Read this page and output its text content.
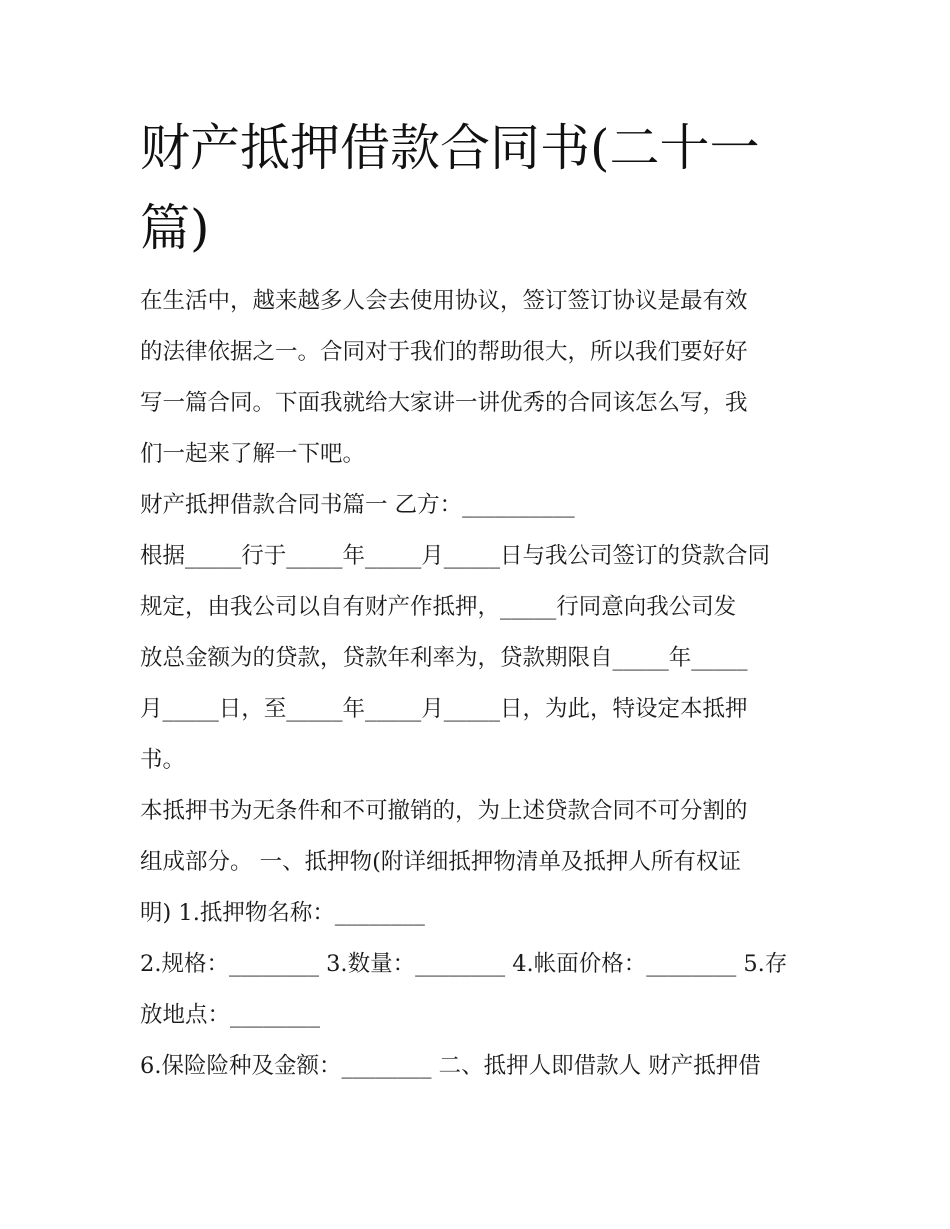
财产抵押借款合同书(二十一
篇)
在生活中，越来越多人会去使用协议，签订签订协议是最有效
的法律依据之一。合同对于我们的帮助很大，所以我们要好好
写一篇合同。下面我就给大家讲一讲优秀的合同该怎么写，我
们一起来了解一下吧。
财产抵押借款合同书篇一 乙方：__________
根据_____行于_____年_____月_____日与我公司签订的贷款合同
规定，由我公司以自有财产作抵押，_____行同意向我公司发
放总金额为的贷款，贷款年利率为，贷款期限自_____年_____
月_____日，至_____年_____月_____日，为此，特设定本抵押
书。
本抵押书为无条件和不可撤销的，为上述贷款合同不可分割的
组成部分。 一、抵押物(附详细抵押物清单及抵押人所有权证
明) 1.抵押物名称：________
2.规格：________ 3.数量：________ 4.帐面价格：________ 5.存
放地点：________
6.保险险种及金额：________ 二、抵押人即借款人 财产抵押借
